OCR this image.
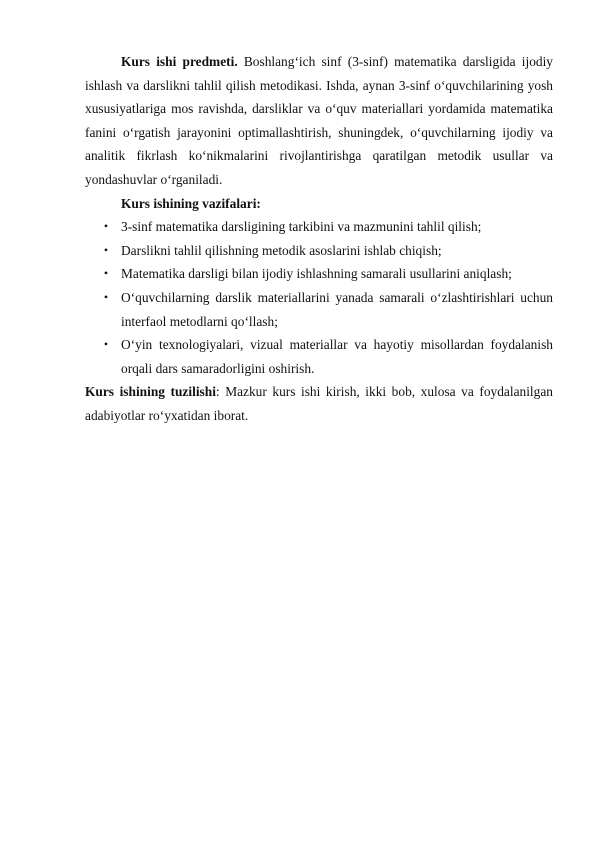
Kurs ishi predmeti. Boshlang‘ich sinf (3-sinf) matematika darsligida ijodiy ishlash va darslikni tahlil qilish metodikasi. Ishda, aynan 3-sinf o‘quvchilarining yosh xususiyatlariga mos ravishda, darsliklar va o‘quv materiallari yordamida matematika fanini o‘rgatish jarayonini optimallashtirish, shuningdek, o‘quvchilarning ijodiy va analitik fikrlash ko‘nikmalarini rivojlantirishga qaratilgan metodik usullar va yondashuvlar o‘rganiladi.

Kurs ishining vazifalari:

• 3-sinf matematika darsligining tarkibini va mazmunini tahlil qilish;
• Darslikni tahlil qilishning metodik asoslarini ishlab chiqish;
• Matematika darsligi bilan ijodiy ishlashning samarali usullarini aniqlash;
• O‘quvchilarning darslik materiallarini yanada samarali o‘zlashtirishlari uchun interfaol metodlarni qo‘llash;
• O‘yin texnologiyalari, vizual materiallar va hayotiy misollardan foydalanish orqali dars samaradorligini oshirish.

Kurs ishining tuzilishi: Mazkur kurs ishi kirish, ikki bob, xulosa va foydalanilgan adabiyotlar ro‘yxatidan iborat.
